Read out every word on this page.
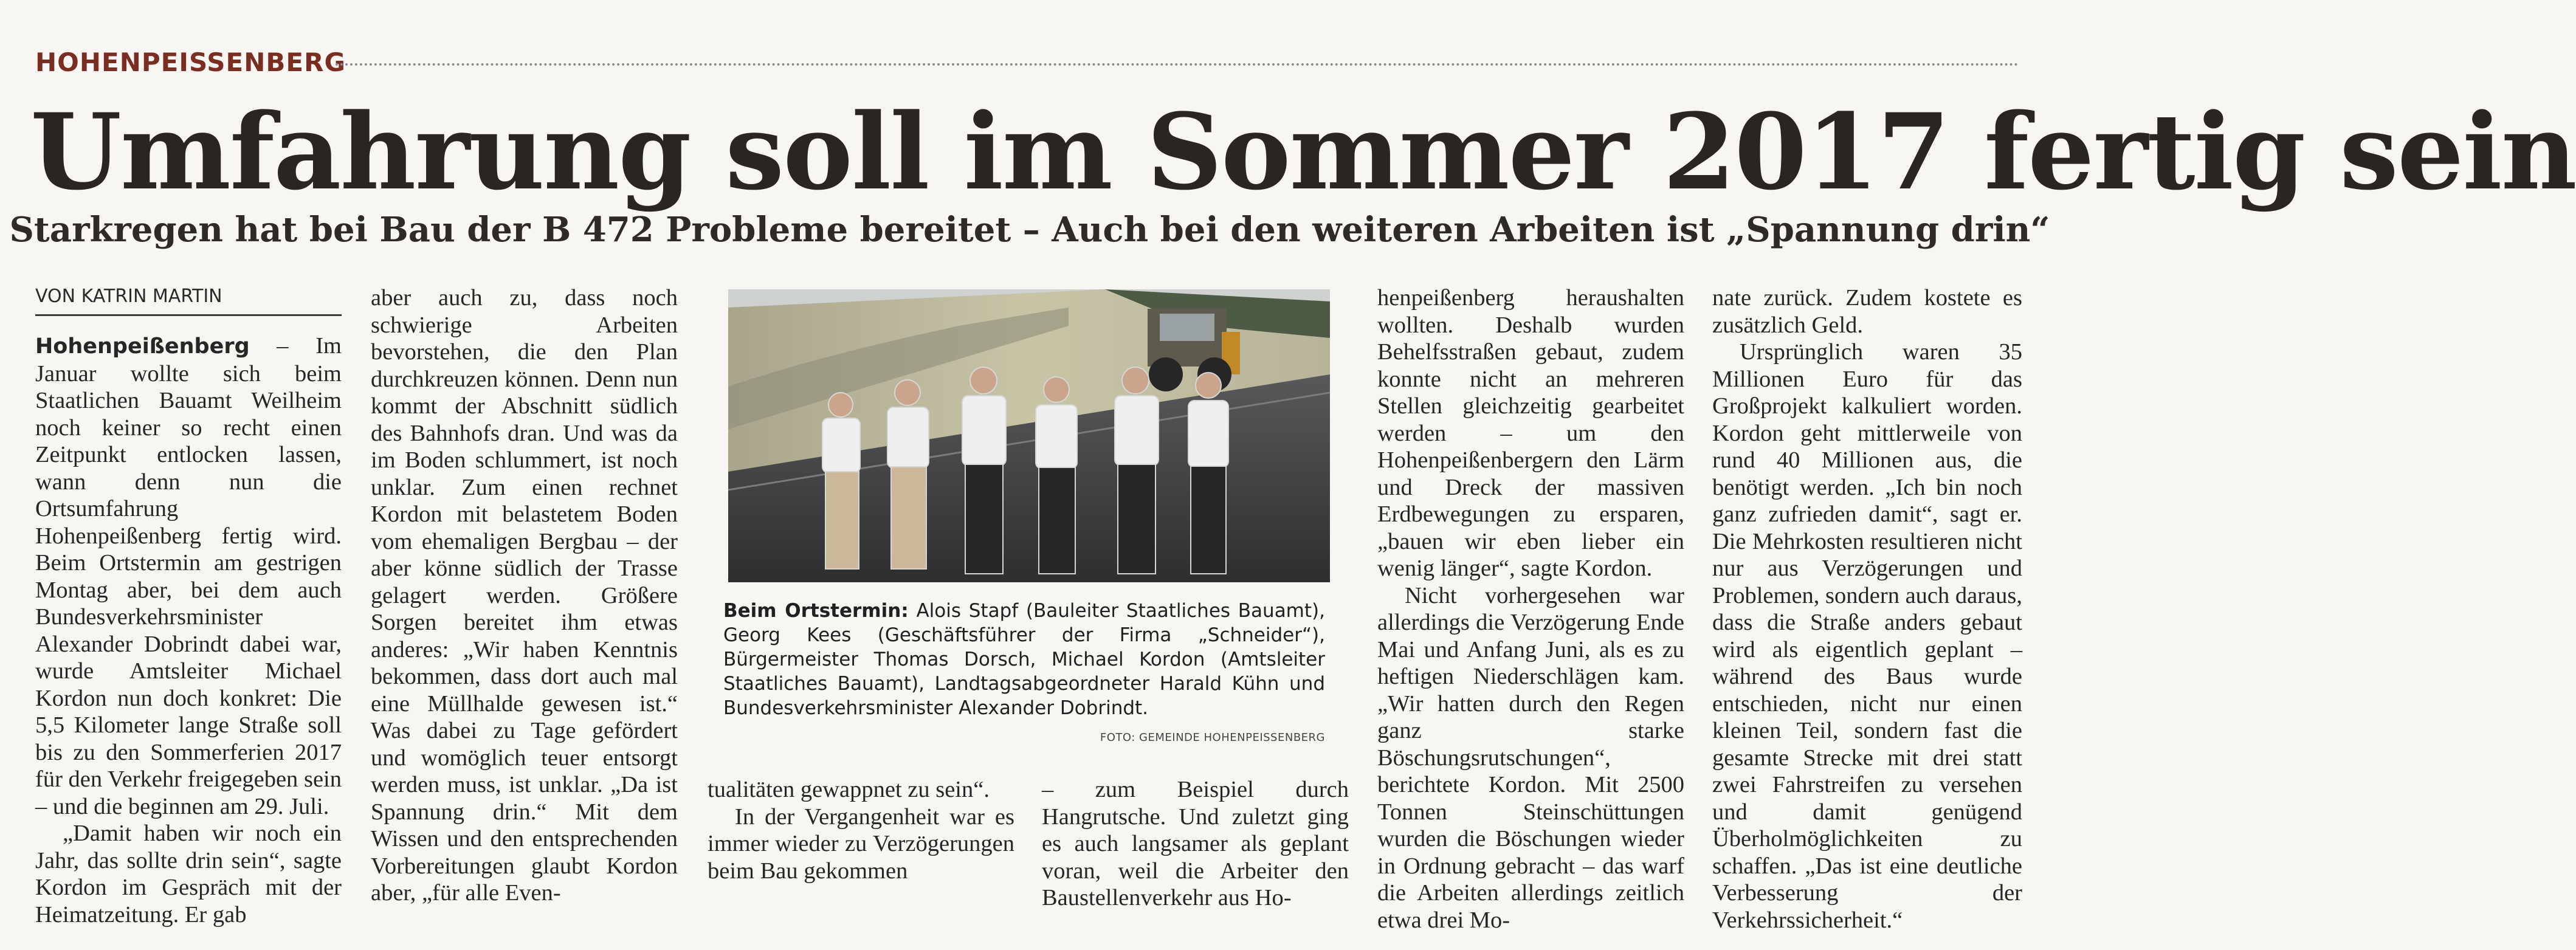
HOHENPEISSENBERG
Umfahrung soll im Sommer 2017 fertig sein
Starkregen hat bei Bau der B 472 Probleme bereitet – Auch bei den weiteren Arbeiten ist „Spannung drin“
VON KATRIN MARTIN

Hohenpeißenberg – Im Januar wollte sich beim Staatlichen Bauamt Weilheim noch keiner so recht einen Zeitpunkt entlocken lassen, wann denn nun die Ortsumfahrung Hohenpeißenberg fertig wird. Beim Ortstermin am gestrigen Montag aber, bei dem auch Bundesverkehrsminister Alexander Dobrindt dabei war, wurde Amtsleiter Michael Kordon nun doch konkret: Die 5,5 Kilometer lange Straße soll bis zu den Sommerferien 2017 für den Verkehr freigegeben sein – und die beginnen am 29. Juli.

„Damit haben wir noch ein Jahr, das sollte drin sein“, sagte Kordon im Gespräch mit der Heimatzeitung. Er gab

aber auch zu, dass noch schwierige Arbeiten bevorstehen, die den Plan durchkreuzen können. Denn nun kommt der Abschnitt südlich des Bahnhofs dran. Und was da im Boden schlummert, ist noch unklar. Zum einen rechnet Kordon mit belastetem Boden vom ehemaligen Bergbau – der aber könne südlich der Trasse gelagert werden. Größere Sorgen bereitet ihm etwas anderes: „Wir haben Kenntnis bekommen, dass dort auch mal eine Müllhalde gewesen ist.“ Was dabei zu Tage gefördert und womöglich teuer entsorgt werden muss, ist unklar. „Da ist Spannung drin.“ Mit dem Wissen und den entsprechenden Vorbereitungen glaubt Kordon aber, „für alle Even-

Beim Ortstermin: Alois Stapf (Bauleiter Staatliches Bauamt), Georg Kees (Geschäftsführer der Firma „Schneider“), Bürgermeister Thomas Dorsch, Michael Kordon (Amtsleiter Staatliches Bauamt), Landtagsabgeordneter Harald Kühn und Bundesverkehrsminister Alexander Dobrindt.
FOTO: GEMEINDE HOHENPEISSENBERG

tualitäten gewappnet zu sein“.

In der Vergangenheit war es immer wieder zu Verzögerungen beim Bau gekommen

– zum Beispiel durch Hangrutsche. Und zuletzt ging es auch langsamer als geplant voran, weil die Arbeiter den Baustellenverkehr aus Ho-

henpeißenberg heraushalten wollten. Deshalb wurden Behelfsstraßen gebaut, zudem konnte nicht an mehreren Stellen gleichzeitig gearbeitet werden – um den Hohenpeißenbergern den Lärm und Dreck der massiven Erdbewegungen zu ersparen, „bauen wir eben lieber ein wenig länger“, sagte Kordon.

Nicht vorhergesehen war allerdings die Verzögerung Ende Mai und Anfang Juni, als es zu heftigen Niederschlägen kam. „Wir hatten durch den Regen ganz starke Böschungsrutschungen“, berichtete Kordon. Mit 2500 Tonnen Steinschüttungen wurden die Böschungen wieder in Ordnung gebracht – das warf die Arbeiten allerdings zeitlich etwa drei Mo-

nate zurück. Zudem kostete es zusätzlich Geld.

Ursprünglich waren 35 Millionen Euro für das Großprojekt kalkuliert worden. Kordon geht mittlerweile von rund 40 Millionen aus, die benötigt werden. „Ich bin noch ganz zufrieden damit“, sagt er. Die Mehrkosten resultieren nicht nur aus Verzögerungen und Problemen, sondern auch daraus, dass die Straße anders gebaut wird als eigentlich geplant – während des Baus wurde entschieden, nicht nur einen kleinen Teil, sondern fast die gesamte Strecke mit drei statt zwei Fahrstreifen zu versehen und damit genügend Überholmöglichkeiten zu schaffen. „Das ist eine deutliche Verbesserung der Verkehrssicherheit.“
